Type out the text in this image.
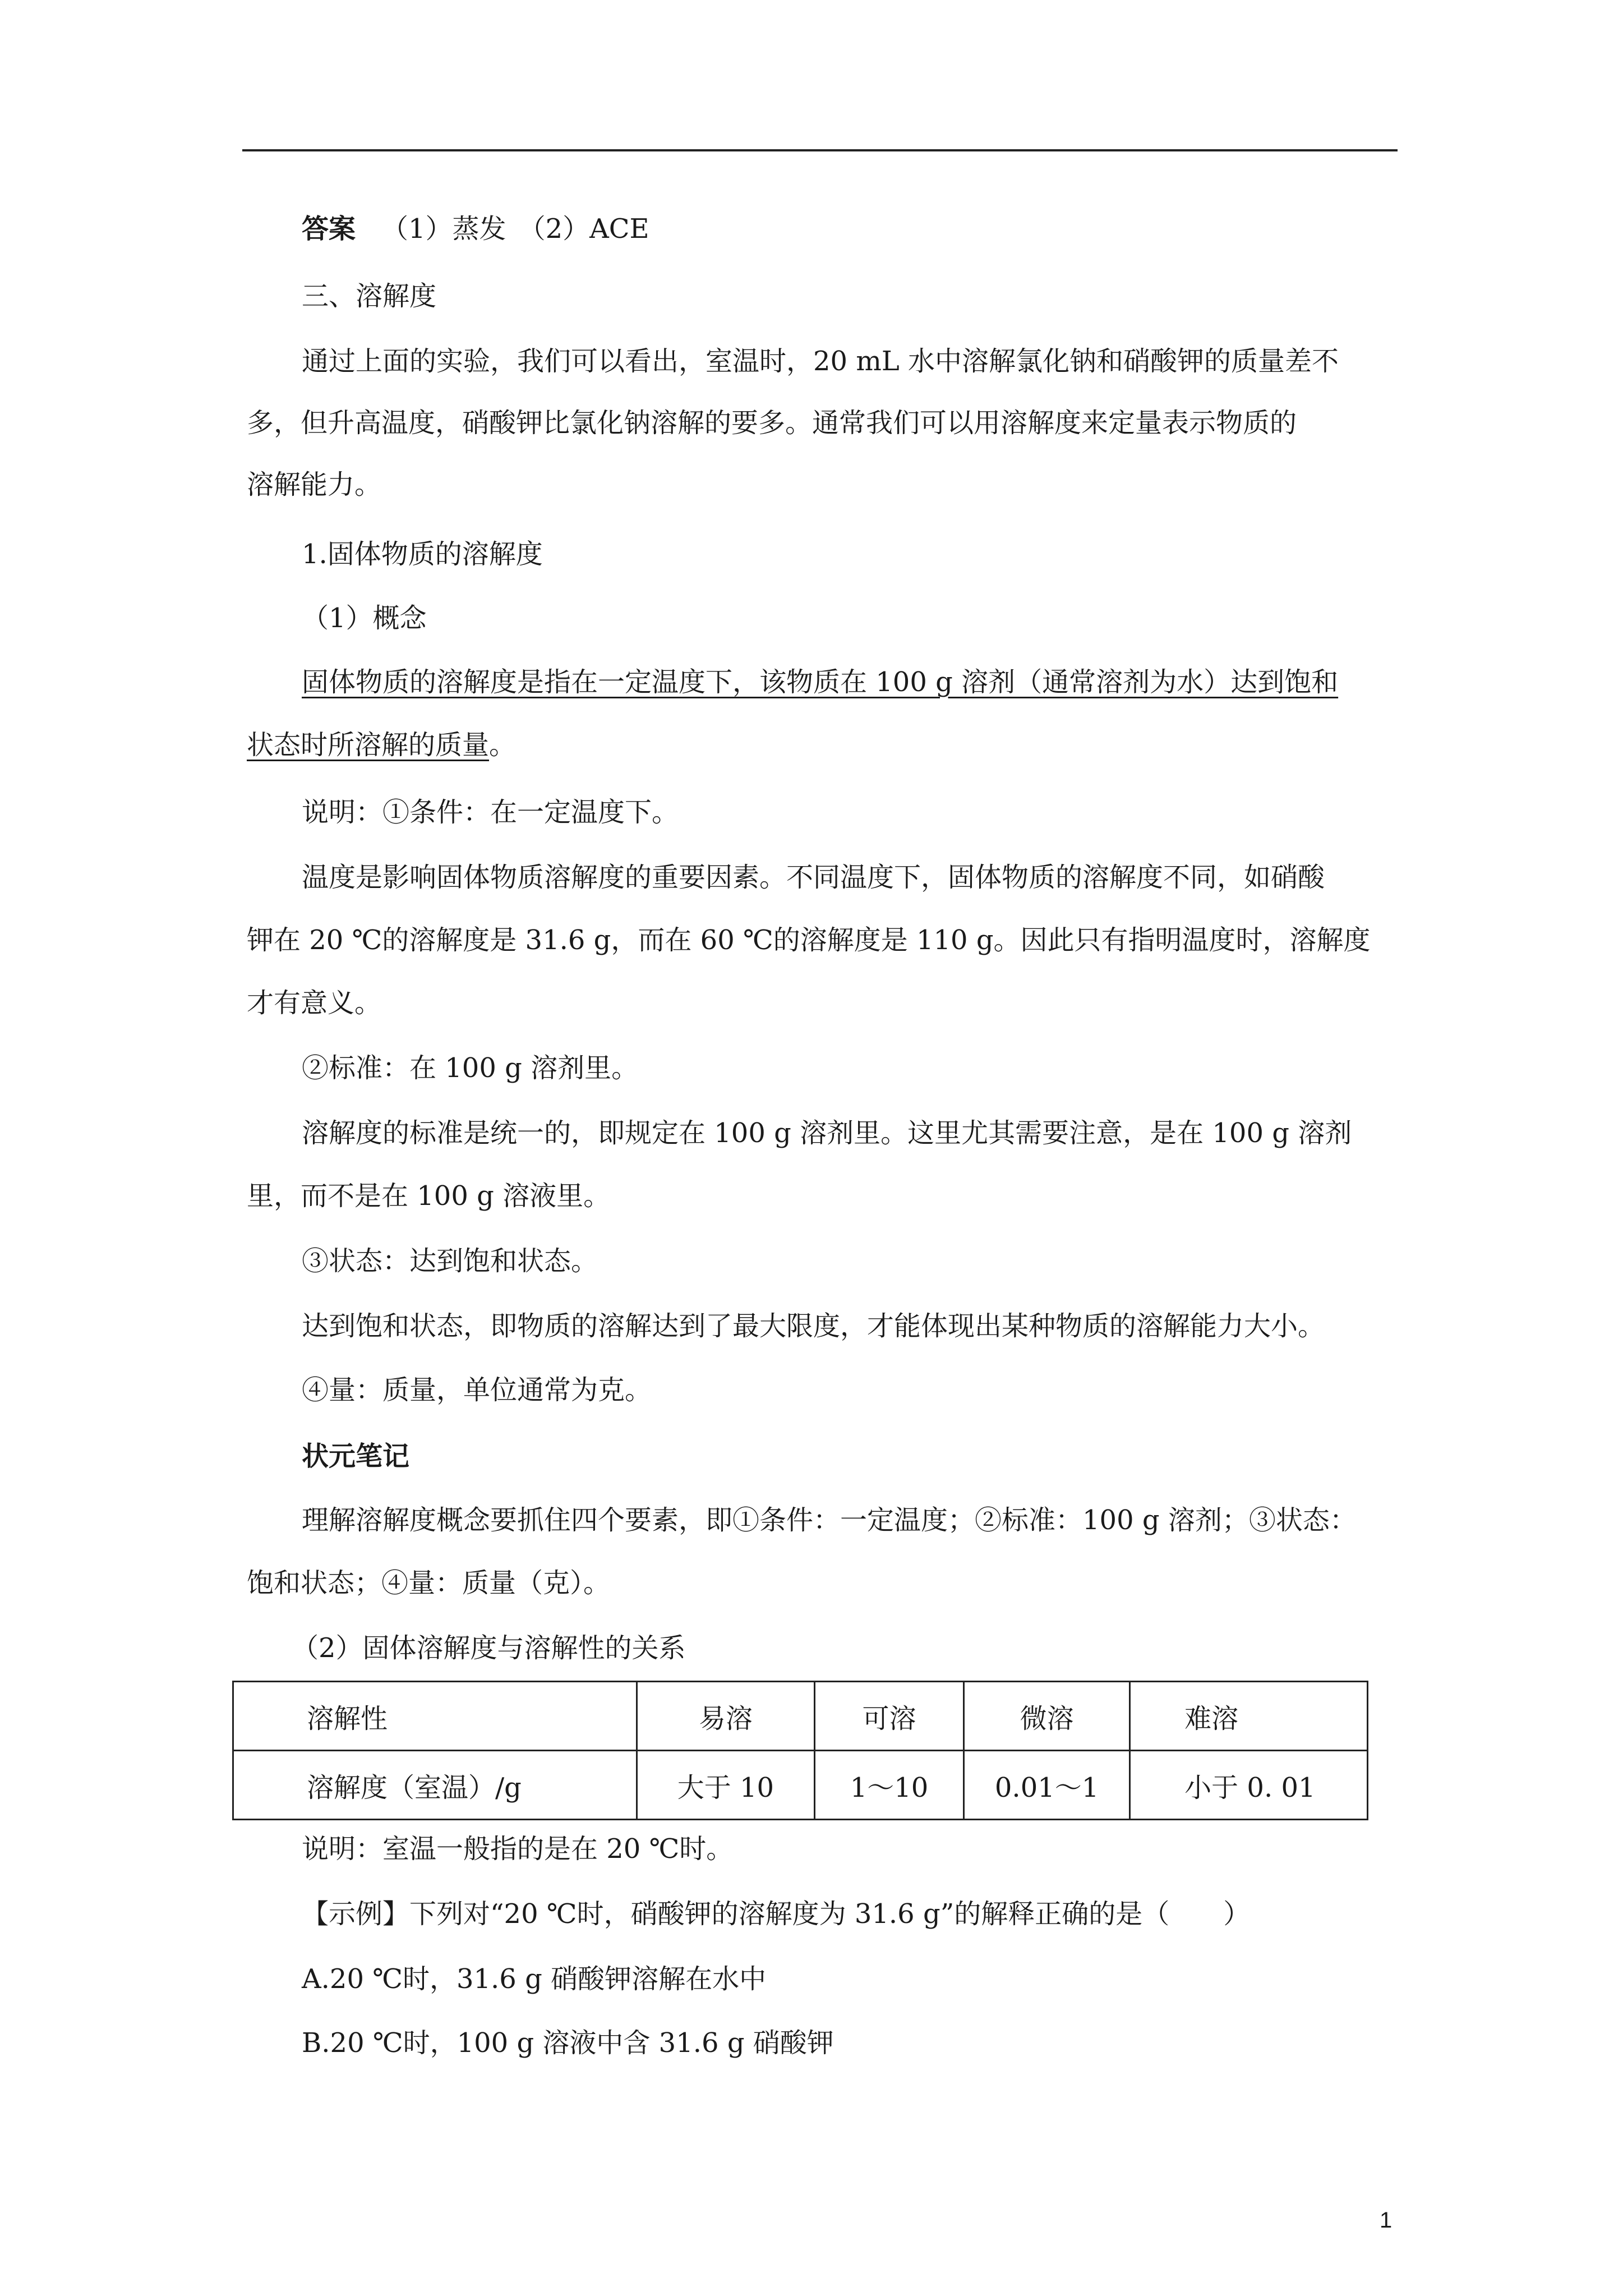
答案 （1）蒸发 （2）ACE
三、溶解度
通过上面的实验，我们可以看出，室温时，20 mL 水中溶解氯化钠和硝酸钾的质量差不
多，但升高温度，硝酸钾比氯化钠溶解的要多。通常我们可以用溶解度来定量表示物质的
溶解能力。
1.固体物质的溶解度
（1）概念
固体物质的溶解度是指在一定温度下，该物质在 100 g 溶剂（通常溶剂为水）达到饱和
状态时所溶解的质量。
说明：①条件：在一定温度下。
温度是影响固体物质溶解度的重要因素。不同温度下，固体物质的溶解度不同，如硝酸
钾在 20 ℃的溶解度是 31.6 g，而在 60 ℃的溶解度是 110 g。因此只有指明温度时，溶解度
才有意义。
②标准：在 100 g 溶剂里。
溶解度的标准是统一的，即规定在 100 g 溶剂里。这里尤其需要注意，是在 100 g 溶剂
里，而不是在 100 g 溶液里。
③状态：达到饱和状态。
达到饱和状态，即物质的溶解达到了最大限度，才能体现出某种物质的溶解能力大小。
④量：质量，单位通常为克。
状元笔记
理解溶解度概念要抓住四个要素，即①条件：一定温度；②标准：100 g 溶剂；③状态：
饱和状态；④量：质量（克）。
（2）固体溶解度与溶解性的关系
溶解性	易溶	可溶	微溶	难溶
溶解度（室温）/g	大于 10	1～10	0.01～1	小于 0. 01
说明：室温一般指的是在 20 ℃时。
【示例】下列对“20 ℃时，硝酸钾的溶解度为 31.6 g”的解释正确的是（　　）
A.20 ℃时，31.6 g 硝酸钾溶解在水中
B.20 ℃时，100 g 溶液中含 31.6 g 硝酸钾
1
